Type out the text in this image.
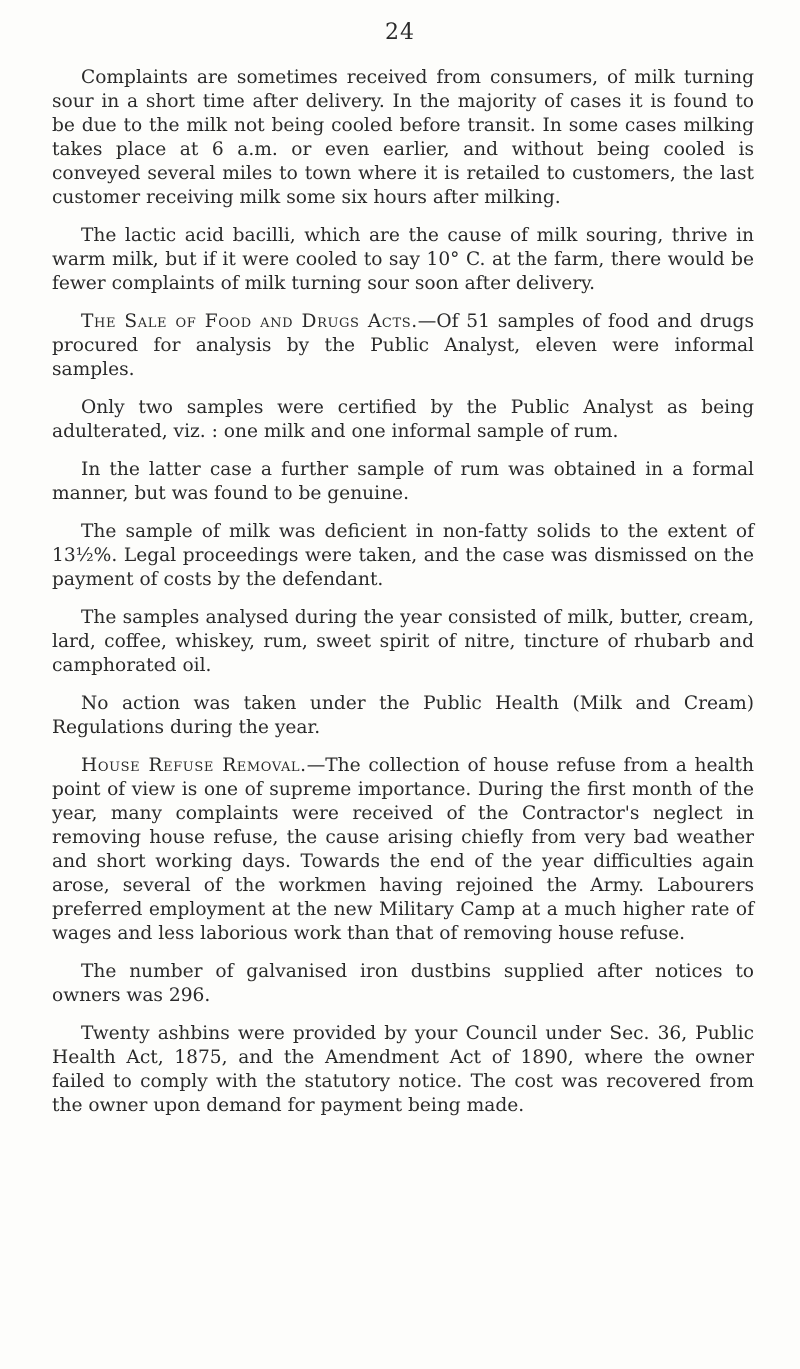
24

Complaints are sometimes received from consumers, of milk turning sour in a short time after delivery. In the majority of cases it is found to be due to the milk not being cooled before transit. In some cases milking takes place at 6 a.m. or even earlier, and without being cooled is conveyed several miles to town where it is retailed to customers, the last customer receiving milk some six hours after milking.

The lactic acid bacilli, which are the cause of milk souring, thrive in warm milk, but if it were cooled to say 10° C. at the farm, there would be fewer complaints of milk turning sour soon after delivery.

The Sale of Food and Drugs Acts.—Of 51 samples of food and drugs procured for analysis by the Public Analyst, eleven were informal samples.

Only two samples were certified by the Public Analyst as being adulterated, viz. : one milk and one informal sample of rum.

In the latter case a further sample of rum was obtained in a formal manner, but was found to be genuine.

The sample of milk was deficient in non-fatty solids to the extent of 13½%. Legal proceedings were taken, and the case was dismissed on the payment of costs by the defendant.

The samples analysed during the year consisted of milk, butter, cream, lard, coffee, whiskey, rum, sweet spirit of nitre, tincture of rhubarb and camphorated oil.

No action was taken under the Public Health (Milk and Cream) Regulations during the year.

House Refuse Removal.—The collection of house refuse from a health point of view is one of supreme importance. During the first month of the year, many complaints were received of the Contractor's neglect in removing house refuse, the cause arising chiefly from very bad weather and short working days. Towards the end of the year difficulties again arose, several of the workmen having rejoined the Army. Labourers preferred employment at the new Military Camp at a much higher rate of wages and less laborious work than that of removing house refuse.

The number of galvanised iron dustbins supplied after notices to owners was 296.

Twenty ashbins were provided by your Council under Sec. 36, Public Health Act, 1875, and the Amendment Act of 1890, where the owner failed to comply with the statutory notice. The cost was recovered from the owner upon demand for payment being made.
